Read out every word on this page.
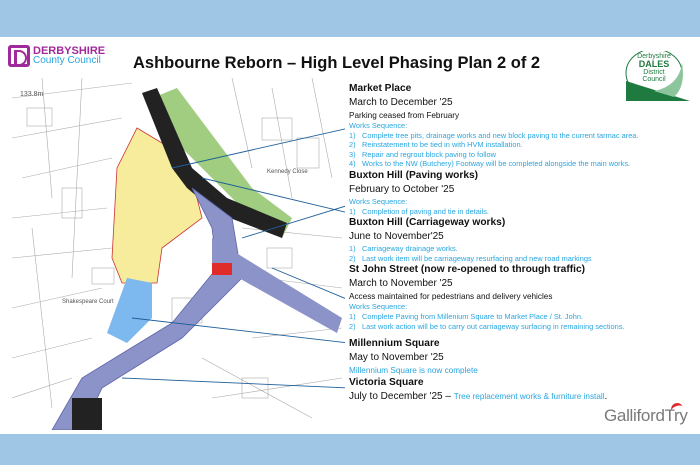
DERBYSHIRE
County Council Ashbourne Reborn – High Level Phasing Plan 2 of 2	Derbyshire
DALES
District
Council
133.8m
Shakespeare Court
Kennedy Close
Market Place
March to December '25
Parking ceased from February
Works Sequence:
1) Complete tree pits, drainage works and new block paving to the current tarmac area.
2) Reinstatement to be tied in with HVM installation.
3) Repair and regrout block paving to follow
4) Works to the NW (Butchery) Footway will be completed alongside the main works.
Buxton Hill (Paving works)
February to October '25
Works Sequence:
1) Completion of paving and tie in details.
Buxton Hill (Carriageway works)
June to November'25
1) Carriageway drainage works.
2) Last work item will be carriageway resurfacing and new road markings
St John Street (now re-opened to through traffic)
March to November '25
Access maintained for pedestrians and delivery vehicles
Works Sequence:
1) Complete Paving from Millenium Square to Market Place / St. John.
2) Last work action will be to carry out carriageway surfacing in remaining sections.
Millennium Square
May to November '25
Millennium Square is now complete
Victoria Square
July to December '25 – Tree replacement works & furniture install.
GallifordTry
